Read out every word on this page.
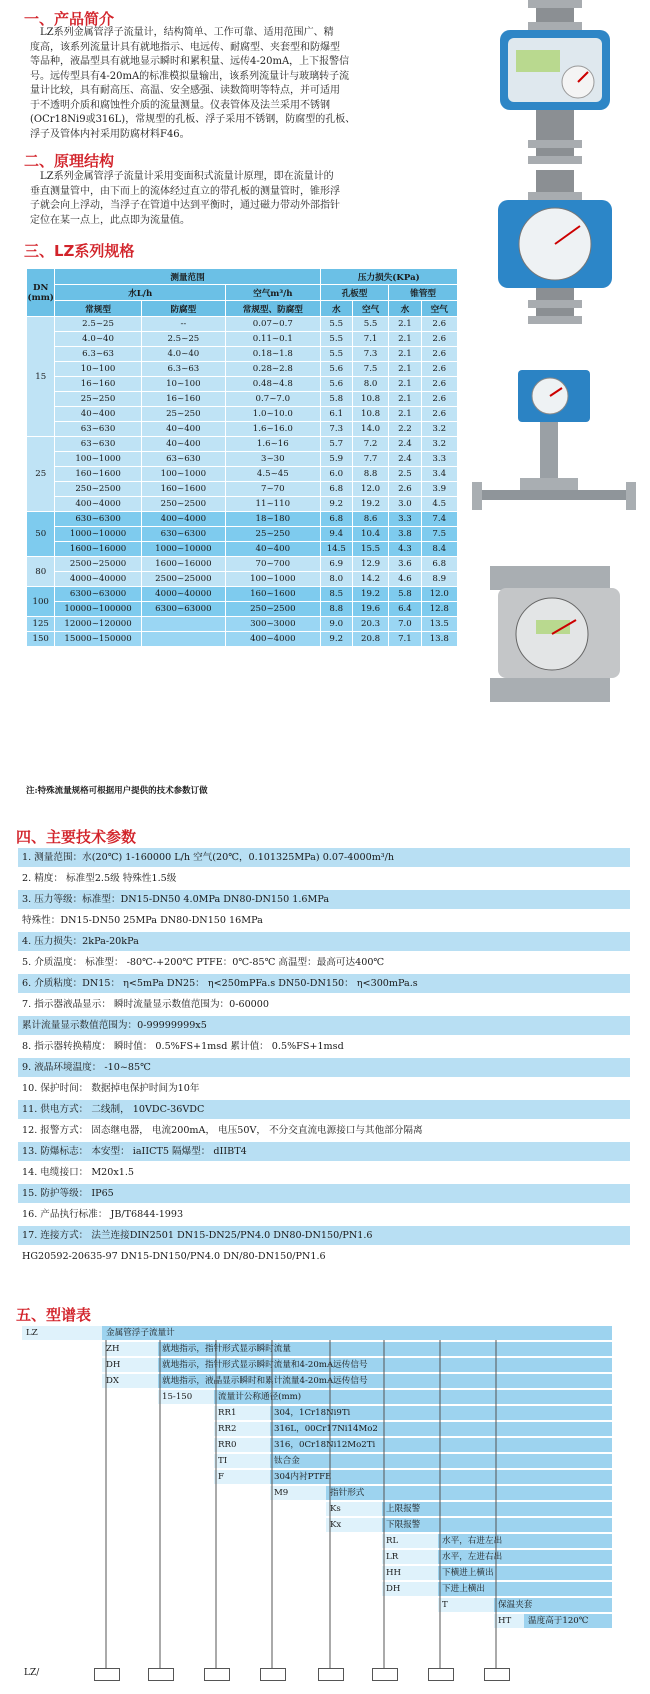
一、产品简介
LZ系列金属管浮子流量计，结构简单、工作可靠、适用范围广、精
度高，该系列流量计具有就地指示、电远传、耐腐型、夹套型和防爆型
等品种，液晶型具有就地显示瞬时和累积量、远传4-20mA，上下报警信
号。远传型具有4-20mA的标准模拟量输出，该系列流量计与玻璃转子流
量计比较，具有耐高压、高温、安全感强、读数简明等特点，并可适用
于不透明介质和腐蚀性介质的流量测量。仪表管体及法兰采用不锈钢
(OCr18Ni9或316L)，常规型的孔板、浮子采用不锈钢，防腐型的孔板、
浮子及管体内衬采用防腐材料F46。
二、原理结构
LZ系列金属管浮子流量计采用变面积式流量计原理，即在流量计的
垂直测量管中，由下而上的流体经过直立的带孔板的测量管时，锥形浮
子就会向上浮动，当浮子在管道中达到平衡时，通过磁力带动外部指针
定位在某一点上，此点即为流量值。
三、LZ系列规格
DN (mm)	测量范围			压力损失(KPa)			
	水L/h		空气m³/h	孔板型		锥管型	
	常规型	防腐型	常规型、防腐型	水	空气	水	空气
15	2.5~25	--	0.07~0.7	5.5	5.5	2.1	2.6
	4.0~40	2.5~25	0.11~0.1	5.5	7.1	2.1	2.6
	6.3~63	4.0~40	0.18~1.8	5.5	7.3	2.1	2.6
	10~100	6.3~63	0.28~2.8	5.6	7.5	2.1	2.6
	16~160	10~100	0.48~4.8	5.6	8.0	2.1	2.6
	25~250	16~160	0.7~7.0	5.8	10.8	2.1	2.6
	40~400	25~250	1.0~10.0	6.1	10.8	2.1	2.6
	63~630	40~400	1.6~16.0	7.3	14.0	2.2	3.2
25	63~630	40~400	1.6~16	5.7	7.2	2.4	3.2
	100~1000	63~630	3~30	5.9	7.7	2.4	3.3
	160~1600	100~1000	4.5~45	6.0	8.8	2.5	3.4
	250~2500	160~1600	7~70	6.8	12.0	2.6	3.9
	400~4000	250~2500	11~110	9.2	19.2	3.0	4.5
50	630~6300	400~4000	18~180	6.8	8.6	3.3	7.4
	1000~10000	630~6300	25~250	9.4	10.4	3.8	7.5
	1600~16000	1000~10000	40~400	14.5	15.5	4.3	8.4
80	2500~25000	1600~16000	70~700	6.9	12.9	3.6	6.8
	4000~40000	2500~25000	100~1000	8.0	14.2	4.6	8.9
100	6300~63000	4000~40000	160~1600	8.5	19.2	5.8	12.0
	10000~100000	6300~63000	250~2500	8.8	19.6	6.4	12.8
125	12000~120000		300~3000	9.0	20.3	7.0	13.5
150	15000~150000		400~4000	9.2	20.8	7.1	13.8
注:特殊流量规格可根据用户提供的技术参数订做
四、主要技术参数
1. 测量范围：水(20℃) 1-160000 L/h 空气(20℃，0.101325MPa) 0.07-4000m³/h
2. 精度： 标准型2.5级 特殊性1.5级
3. 压力等级：标准型：DN15-DN50 4.0MPa DN80-DN150 1.6MPa
特殊性：DN15-DN50 25MPa DN80-DN150 16MPa
4. 压力损失：2kPa-20kPa
5. 介质温度： 标准型： -80℃-+200℃ PTFE：0℃-85℃ 高温型：最高可达400℃
6. 介质粘度：DN15： η<5mPa DN25： η<250mPFa.s DN50-DN150： η<300mPa.s
7. 指示器液晶显示： 瞬时流量显示数值范围为：0-60000
累计流量显示数值范围为：0-99999999x5
8. 指示器转换精度： 瞬时值： 0.5%FS+1msd 累计值： 0.5%FS+1msd
9. 液晶环境温度： -10~85℃
10. 保护时间： 数据掉电保护时间为10年
11. 供电方式： 二线制， 10VDC-36VDC
12. 报警方式： 固态继电器， 电流200mA， 电压50V， 不分交直流电源接口与其他部分隔离
13. 防爆标志： 本安型： iaIICT5 隔爆型： dIIBT4
14. 电缆接口： M20x1.5
15. 防护等级： IP65
16. 产品执行标准： JB/T6844-1993
17. 连接方式： 法兰连接DIN2501 DN15-DN25/PN4.0 DN80-DN150/PN1.6
HG20592-20635-97 DN15-DN150/PN4.0 DN/80-DN150/PN1.6
五、型谱表
LZ	金属管浮子流量计
ZH	就地指示，指针形式显示瞬时流量
DH	就地指示，指针形式显示瞬时流量和4-20mA远传信号
DX	就地指示，液晶显示瞬时和累计流量4-20mA远传信号
15-150	流量计公称通径(mm)
RR1	304，1Cr18Ni9Ti
RR2	316L，00Cr17Ni14Mo2
RR0	316，0Cr18Ni12Mo2Ti
TI	钛合金
F	304内衬PTFE
M9	指针形式
Ks	上限报警
Kx	下限报警
RL	水平，右进左出
LR	水平，左进右出
HH	下横进上横出
DH	下进上横出
T	保温夹套
HT	温度高于120℃
LZ/
